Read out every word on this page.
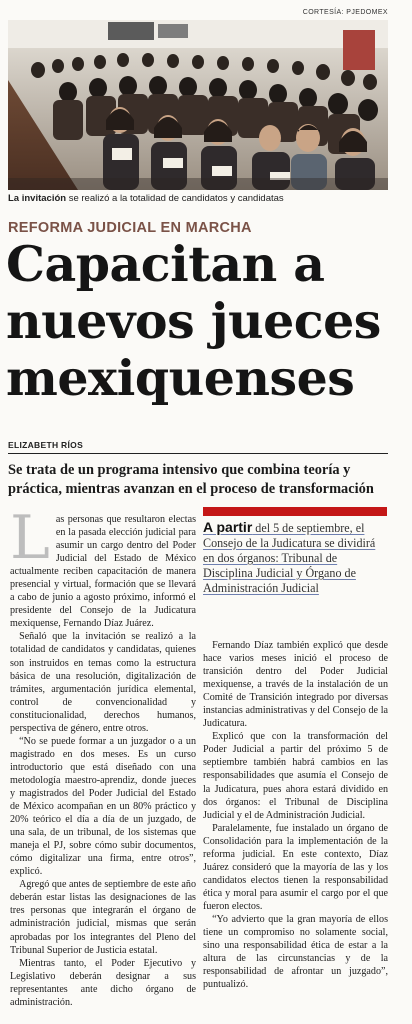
CORTESÍA: PJEDOMEX
La invitación se realizó a la totalidad de candidatos y candidatas
REFORMA JUDICIAL EN MARCHA
Capacitan a nuevos jueces mexiquenses
ELIZABETH RÍOS
Se trata de un programa intensivo que combina teoría y práctica, mientras avanzan en el proceso de transformación

Las personas que resultaron electas en la pasada elección judicial para asumir un cargo dentro del Poder Judicial del Estado de México actualmente reciben capacitación de manera presencial y virtual, formación que se llevará a cabo de junio a agosto próximo, informó el presidente del Consejo de la Judicatura mexiquense, Fernando Díaz Juárez.

Señaló que la invitación se realizó a la totalidad de candidatos y candidatas, quienes son instruidos en temas como la estructura básica de una resolución, digitalización de trámites, argumentación jurídica elemental, control de convencionalidad y constitucionalidad, derechos humanos, perspectiva de género, entre otros.

“No se puede formar a un juzgador o a un magistrado en dos meses. Es un curso introductorio que está diseñado con una metodología maestro-aprendiz, donde jueces y magistrados del Poder Judicial del Estado de México acompañan en un 80% práctico y 20% teórico el día a día de un juzgado, de una sala, de un tribunal, de los sistemas que maneja el PJ, sobre cómo subir documentos, cómo digitalizar una firma, entre otros”, explicó.

Agregó que antes de septiembre de este año deberán estar listas las designaciones de las tres personas que integrarán el órgano de administración judicial, mismas que serán aprobadas por los integrantes del Pleno del Tribunal Superior de Justicia estatal.

Mientras tanto, el Poder Ejecutivo y Legislativo deberán designar a sus representantes ante dicho órgano de administración.

A partir del 5 de septiembre, el Consejo de la Judicatura se dividirá en dos órganos: Tribunal de Disciplina Judicial y Órgano de Administración Judicial

Fernando Díaz también explicó que desde hace varios meses inició el proceso de transición dentro del Poder Judicial mexiquense, a través de la instalación de un Comité de Transición integrado por diversas instancias administrativas y del Consejo de la Judicatura.

Explicó que con la transformación del Poder Judicial a partir del próximo 5 de septiembre también habrá cambios en las responsabilidades que asumía el Consejo de la Judicatura, pues ahora estará dividido en dos órganos: el Tribunal de Disciplina Judicial y el de Administración Judicial.

Paralelamente, fue instalado un órgano de Consolidación para la implementación de la reforma judicial. En este contexto, Díaz Juárez consideró que la mayoría de las y los candidatos electos tienen la responsabilidad ética y moral para asumir el cargo por el que fueron electos.

“Yo advierto que la gran mayoría de ellos tiene un compromiso no solamente social, sino una responsabilidad ética de estar a la altura de las circunstancias y de la responsabilidad de afrontar un juzgado”, puntualizó.
